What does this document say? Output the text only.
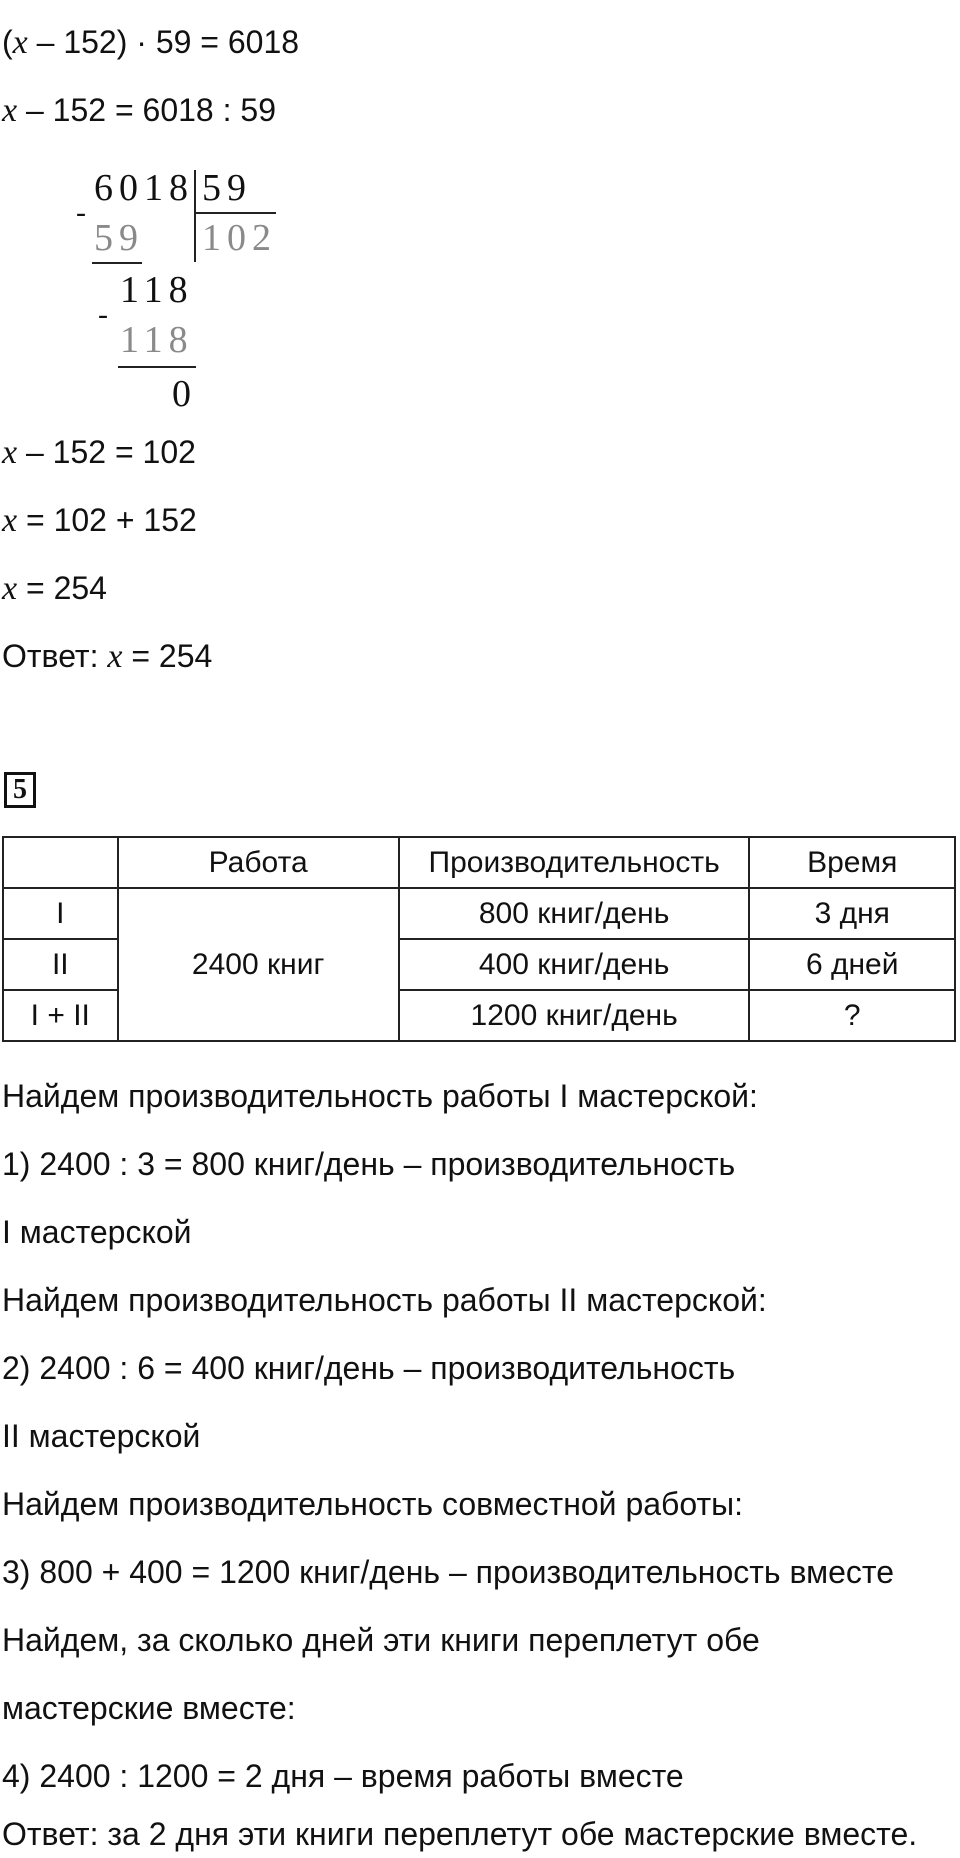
(x – 152) · 59 = 6018
x – 152 = 6018 : 59
6018 59
102
-
59
118
-
118
0
x – 152 = 102
x = 102 + 152
x = 254
Ответ: x = 254
5
	Работа	Производительность	Время
I	2400 книг	800 книг/день	3 дня
II		400 книг/день	6 дней
I + II		1200 книг/день	?
Найдем производительность работы I мастерской:
1) 2400 : 3 = 800 книг/день – производительность
I мастерской
Найдем производительность работы II мастерской:
2) 2400 : 6 = 400 книг/день – производительность
II мастерской
Найдем производительность совместной работы:
3) 800 + 400 = 1200 книг/день – производительность вместе
Найдем, за сколько дней эти книги переплетут обе
мастерские вместе:
4) 2400 : 1200 = 2 дня – время работы вместе
Ответ: за 2 дня эти книги переплетут обе мастерские вместе.
